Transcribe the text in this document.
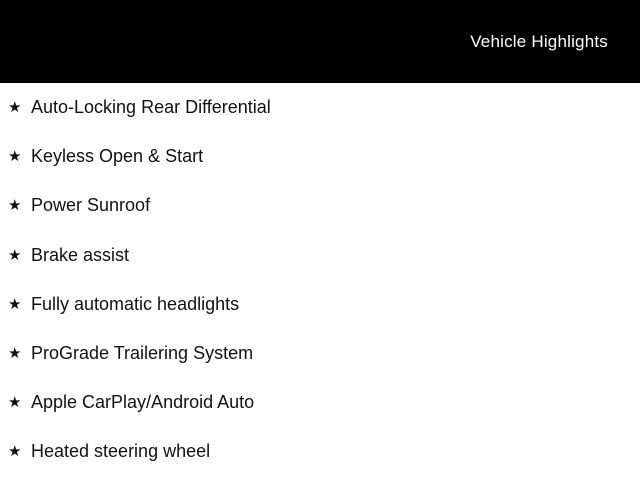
Vehicle Highlights
★ Auto-Locking Rear Differential
★ Keyless Open & Start
★ Power Sunroof
★ Brake assist
★ Fully automatic headlights
★ ProGrade Trailering System
★ Apple CarPlay/Android Auto
★ Heated steering wheel
